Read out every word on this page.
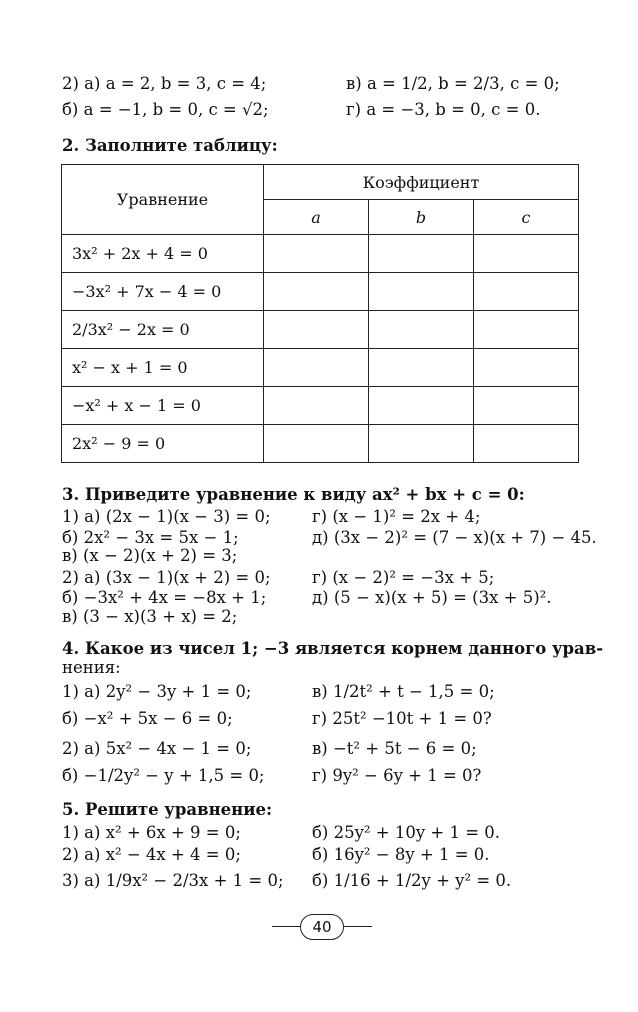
2) а) a = 2, b = 3, c = 4;	в) a = 1/2, b = 2/3, c = 0;
б) a = −1, b = 0, c = √2;	г) a = −3, b = 0, c = 0.
2. Заполните таблицу:
Уравнение	Коэффициент		
	a	b	c
3x² + 2x + 4 = 0			
−3x² + 7x − 4 = 0			
2/3x² − 2x = 0			
x² − x + 1 = 0			
−x² + x − 1 = 0			
2x² − 9 = 0			
3. Приведите уравнение к виду ax² + bx + c = 0:
1) а) (2x − 1)(x − 3) = 0;	г) (x − 1)² = 2x + 4;
б) 2x² − 3x = 5x − 1;	д) (3x − 2)² = (7 − x)(x + 7) − 45.
в) (x − 2)(x + 2) = 3;
2) а) (3x − 1)(x + 2) = 0;	г) (x − 2)² = −3x + 5;
б) −3x² + 4x = −8x + 1;	д) (5 − x)(x + 5) = (3x + 5)².
в) (3 − x)(3 + x) = 2;
4. Какое из чисел 1; −3 является корнем данного урав-
нения:
1) а) 2y² − 3y + 1 = 0;	в) 1/2t² + t − 1,5 = 0;
б) −x² + 5x − 6 = 0;	г) 25t² −10t + 1 = 0?
2) а) 5x² − 4x − 1 = 0;	в) −t² + 5t − 6 = 0;
б) −1/2y² − y + 1,5 = 0;	г) 9y² − 6y + 1 = 0?
5. Решите уравнение:
1) а) x² + 6x + 9 = 0;	б) 25y² + 10y + 1 = 0.
2) а) x² − 4x + 4 = 0;	б) 16y² − 8y + 1 = 0.
3) а) 1/9x² − 2/3x + 1 = 0; б) 1/16 + 1/2y + y² = 0.
40
